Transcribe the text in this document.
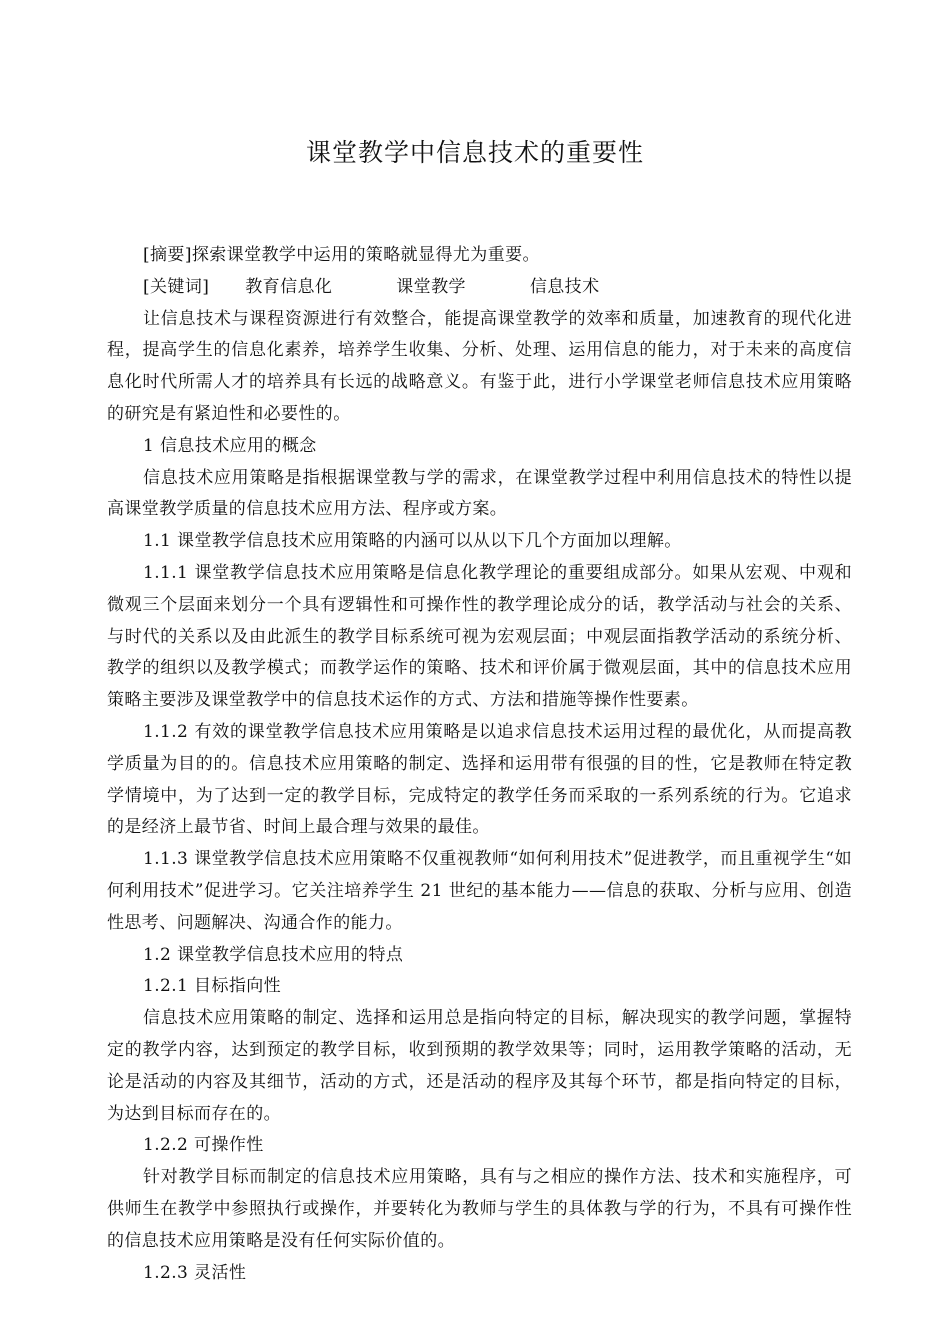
课堂教学中信息技术的重要性

[摘要]探索课堂教学中运用的策略就显得尤为重要。

[关键词] 教育信息化	课堂教学	信息技术

让信息技术与课程资源进行有效整合，能提高课堂教学的效率和质量，加速教育的现代化进程，提高学生的信息化素养，培养学生收集、分析、处理、运用信息的能力，对于未来的高度信息化时代所需人才的培养具有长远的战略意义。有鉴于此，进行小学课堂老师信息技术应用策略的研究是有紧迫性和必要性的。

1 信息技术应用的概念

信息技术应用策略是指根据课堂教与学的需求，在课堂教学过程中利用信息技术的特性以提高课堂教学质量的信息技术应用方法、程序或方案。

1.1 课堂教学信息技术应用策略的内涵可以从以下几个方面加以理解。

1.1.1 课堂教学信息技术应用策略是信息化教学理论的重要组成部分。如果从宏观、中观和微观三个层面来划分一个具有逻辑性和可操作性的教学理论成分的话，教学活动与社会的关系、与时代的关系以及由此派生的教学目标系统可视为宏观层面；中观层面指教学活动的系统分析、教学的组织以及教学模式；而教学运作的策略、技术和评价属于微观层面，其中的信息技术应用策略主要涉及课堂教学中的信息技术运作的方式、方法和措施等操作性要素。

1.1.2 有效的课堂教学信息技术应用策略是以追求信息技术运用过程的最优化，从而提高教学质量为目的的。信息技术应用策略的制定、选择和运用带有很强的目的性，它是教师在特定教学情境中，为了达到一定的教学目标，完成特定的教学任务而采取的一系列系统的行为。它追求的是经济上最节省、时间上最合理与效果的最佳。

1.1.3 课堂教学信息技术应用策略不仅重视教师“如何利用技术”促进教学，而且重视学生“如何利用技术”促进学习。它关注培养学生 21 世纪的基本能力——信息的获取、分析与应用、创造性思考、问题解决、沟通合作的能力。

1.2 课堂教学信息技术应用的特点

1.2.1 目标指向性

信息技术应用策略的制定、选择和运用总是指向特定的目标，解决现实的教学问题，掌握特定的教学内容，达到预定的教学目标，收到预期的教学效果等；同时，运用教学策略的活动，无论是活动的内容及其细节，活动的方式，还是活动的程序及其每个环节，都是指向特定的目标，为达到目标而存在的。

1.2.2 可操作性

针对教学目标而制定的信息技术应用策略，具有与之相应的操作方法、技术和实施程序，可供师生在教学中参照执行或操作，并要转化为教师与学生的具体教与学的行为，不具有可操作性的信息技术应用策略是没有任何实际价值的。

1.2.3 灵活性
